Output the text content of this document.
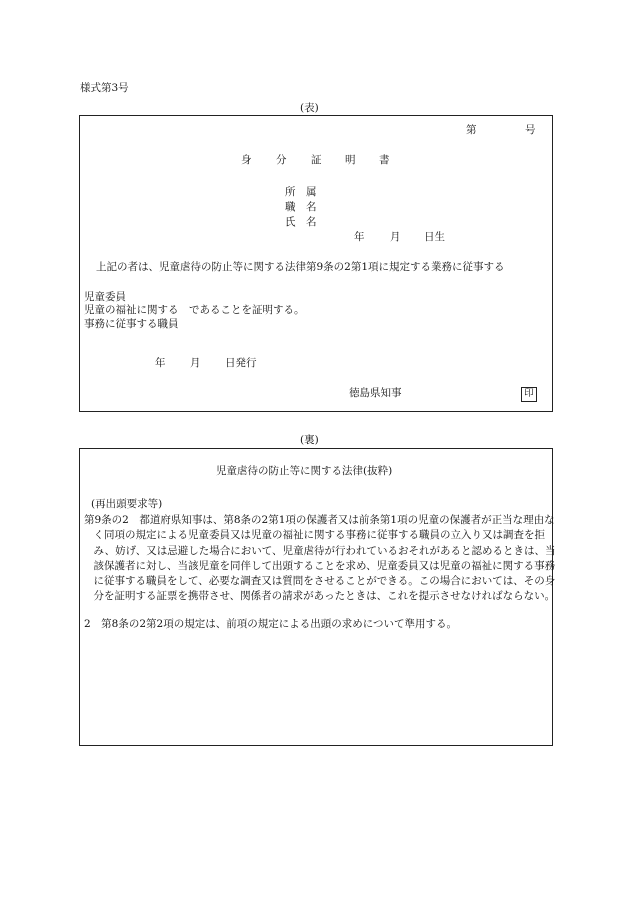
様式第3号
(表)
第	号
身 分 証 明 書
所 属
職 名
氏 名
年 月 日生
上記の者は、児童虐待の防止等に関する法律第9条の2第1項に規定する業務に従事する
児童委員
児童の福祉に関する　であることを証明する。
事務に従事する職員
年 月 日発行
徳島県知事	印
(裏)
児童虐待の防止等に関する法律(抜粋)
(再出頭要求等)
第9条の2　都道府県知事は、第8条の2第1項の保護者又は前条第1項の児童の保護者が正当な理由なく同項の規定による児童委員又は児童の福祉に関する事務に従事する職員の立入り又は調査を拒み、妨げ、又は忌避した場合において、児童虐待が行われているおそれがあると認めるときは、当該保護者に対し、当該児童を同伴して出頭することを求め、児童委員又は児童の福祉に関する事務に従事する職員をして、必要な調査又は質問をさせることができる。この場合においては、その身分を証明する証票を携帯させ、関係者の請求があったときは、これを提示させなければならない。
2　第8条の2第2項の規定は、前項の規定による出頭の求めについて準用する。
